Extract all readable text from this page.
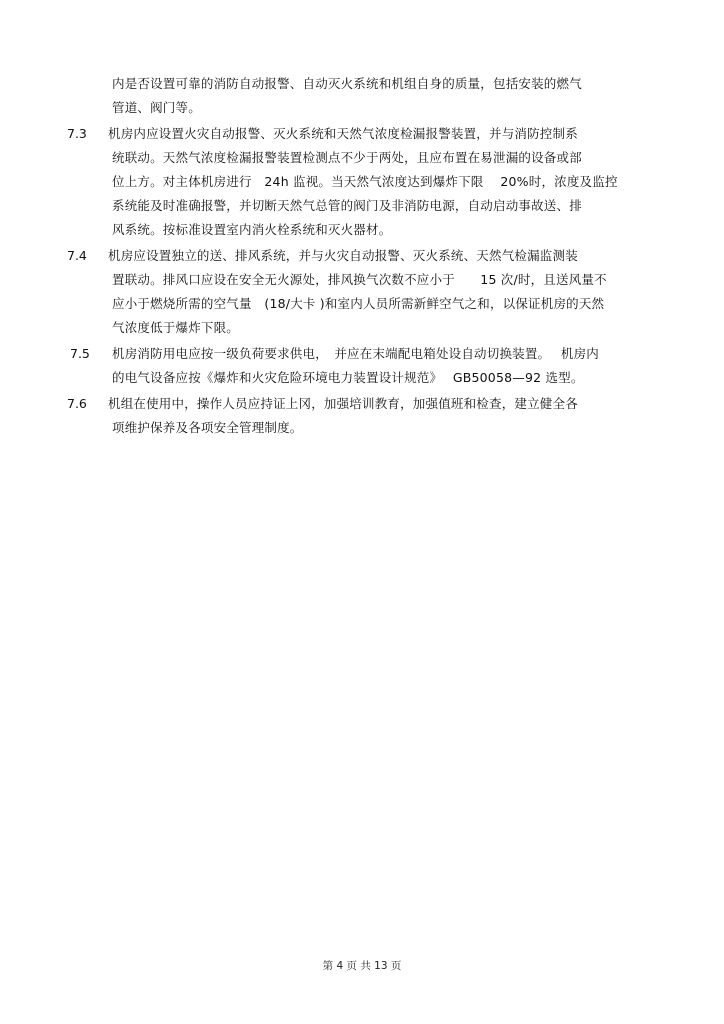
内是否设置可靠的消防自动报警、自动灭火系统和机组自身的质量，包括安装的燃气
管道、阀门等。
7.3 机房内应设置火灾自动报警、灭火系统和天然气浓度检漏报警装置，并与消防控制系
统联动。天然气浓度检漏报警装置检测点不少于两处，且应布置在易泄漏的设备或部
位上方。对主体机房进行　24h 监视。当天然气浓度达到爆炸下限　 20%时，浓度及监控
系统能及时准确报警，并切断天然气总管的阀门及非消防电源，自动启动事故送、排
风系统。按标准设置室内消火栓系统和灭火器材。
7.4 机房应设置独立的送、排风系统，并与火灾自动报警、灭火系统、天然气检漏监测装
置联动。排风口应设在安全无火源处，排风换气次数不应小于　　15 次/时，且送风量不
应小于燃烧所需的空气量　(18/大卡 )和室内人员所需新鲜空气之和，以保证机房的天然
气浓度低于爆炸下限。
7.5 机房消防用电应按一级负荷要求供电，　并应在末端配电箱处设自动切换装置。　 机房内
的电气设备应按《爆炸和火灾危险环境电力装置设计规范》　 GB50058—92 选型。
7.6 机组在使用中，操作人员应持证上冈，加强培训教育，加强值班和检查，建立健全各
项维护保养及各项安全管理制度。
第 4 页 共 13 页
